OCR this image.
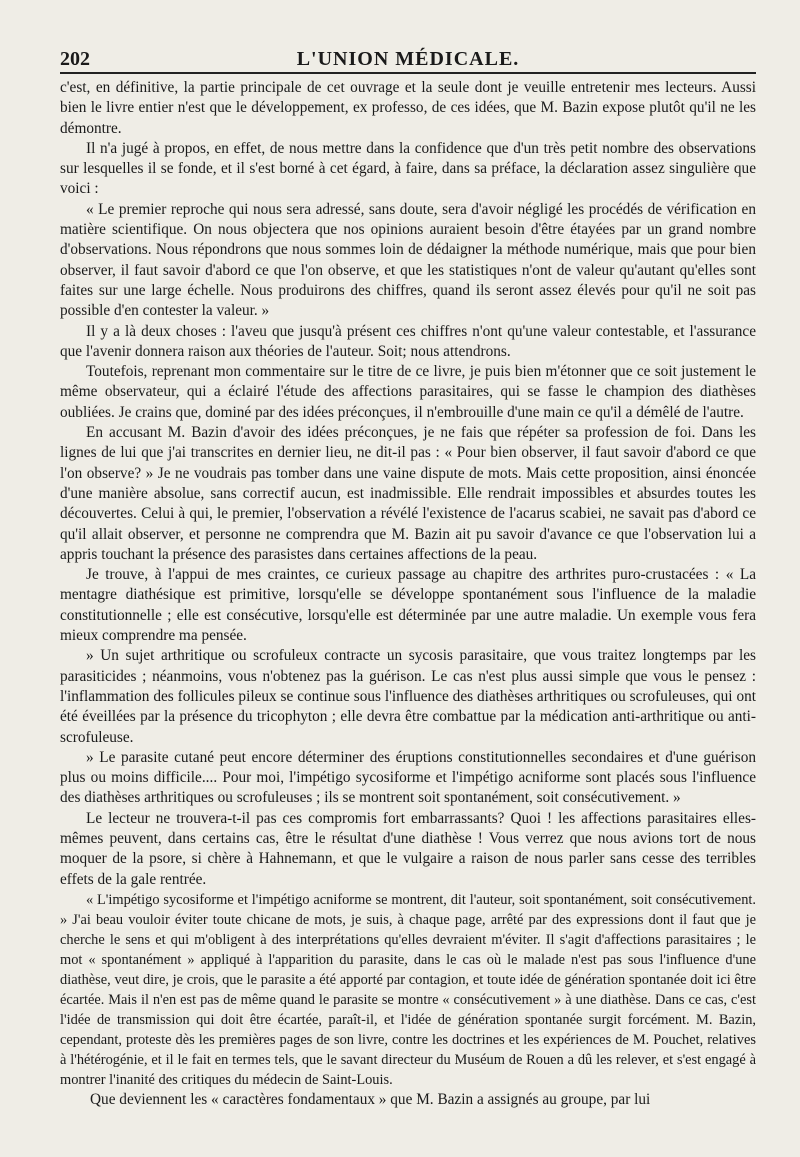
202	L'UNION MÉDICALE.

c'est, en définitive, la partie principale de cet ouvrage et la seule dont je veuille entretenir mes lecteurs. Aussi bien le livre entier n'est que le développement, ex professo, de ces idées, que M. Bazin expose plutôt qu'il ne les démontre.

Il n'a jugé à propos, en effet, de nous mettre dans la confidence que d'un très petit nombre des observations sur lesquelles il se fonde, et il s'est borné à cet égard, à faire, dans sa préface, la déclaration assez singulière que voici :

« Le premier reproche qui nous sera adressé, sans doute, sera d'avoir négligé les procédés de vérification en matière scientifique. On nous objectera que nos opinions auraient besoin d'être étayées par un grand nombre d'observations. Nous répondrons que nous sommes loin de dédaigner la méthode numérique, mais que pour bien observer, il faut savoir d'abord ce que l'on observe, et que les statistiques n'ont de valeur qu'autant qu'elles sont faites sur une large échelle. Nous produirons des chiffres, quand ils seront assez élevés pour qu'il ne soit pas possible d'en contester la valeur. »

Il y a là deux choses : l'aveu que jusqu'à présent ces chiffres n'ont qu'une valeur contestable, et l'assurance que l'avenir donnera raison aux théories de l'auteur. Soit; nous attendrons.

Toutefois, reprenant mon commentaire sur le titre de ce livre, je puis bien m'étonner que ce soit justement le même observateur, qui a éclairé l'étude des affections parasitaires, qui se fasse le champion des diathèses oubliées. Je crains que, dominé par des idées préconçues, il n'embrouille d'une main ce qu'il a démêlé de l'autre.

En accusant M. Bazin d'avoir des idées préconçues, je ne fais que répéter sa profession de foi. Dans les lignes de lui que j'ai transcrites en dernier lieu, ne dit-il pas : « Pour bien observer, il faut savoir d'abord ce que l'on observe? » Je ne voudrais pas tomber dans une vaine dispute de mots. Mais cette proposition, ainsi énoncée d'une manière absolue, sans correctif aucun, est inadmissible. Elle rendrait impossibles et absurdes toutes les découvertes. Celui à qui, le premier, l'observation a révélé l'existence de l'acarus scabiei, ne savait pas d'abord ce qu'il allait observer, et personne ne comprendra que M. Bazin ait pu savoir d'avance ce que l'observation lui a appris touchant la présence des parasistes dans certaines affections de la peau.

Je trouve, à l'appui de mes craintes, ce curieux passage au chapitre des arthrites puro-crustacées : « La mentagre diathésique est primitive, lorsqu'elle se développe spontanément sous l'influence de la maladie constitutionnelle ; elle est consécutive, lorsqu'elle est déterminée par une autre maladie. Un exemple vous fera mieux comprendre ma pensée.

» Un sujet arthritique ou scrofuleux contracte un sycosis parasitaire, que vous traitez longtemps par les parasiticides ; néanmoins, vous n'obtenez pas la guérison. Le cas n'est plus aussi simple que vous le pensez : l'inflammation des follicules pileux se continue sous l'influence des diathèses arthritiques ou scrofuleuses, qui ont été éveillées par la présence du tricophyton ; elle devra être combattue par la médication anti-arthritique ou anti-scrofuleuse.

» Le parasite cutané peut encore déterminer des éruptions constitutionnelles secondaires et d'une guérison plus ou moins difficile.... Pour moi, l'impétigo sycosiforme et l'impétigo acniforme sont placés sous l'influence des diathèses arthritiques ou scrofuleuses ; ils se montrent soit spontanément, soit consécutivement. »

Le lecteur ne trouvera-t-il pas ces compromis fort embarrassants? Quoi ! les affections parasitaires elles-mêmes peuvent, dans certains cas, être le résultat d'une diathèse ! Vous verrez que nous avions tort de nous moquer de la psore, si chère à Hahnemann, et que le vulgaire a raison de nous parler sans cesse des terribles effets de la gale rentrée.

« L'impétigo sycosiforme et l'impétigo acniforme se montrent, dit l'auteur, soit spontanément, soit consécutivement. » J'ai beau vouloir éviter toute chicane de mots, je suis, à chaque page, arrêté par des expressions dont il faut que je cherche le sens et qui m'obligent à des interprétations qu'elles devraient m'éviter. Il s'agit d'affections parasitaires ; le mot « spontanément » appliqué à l'apparition du parasite, dans le cas où le malade n'est pas sous l'influence d'une diathèse, veut dire, je crois, que le parasite a été apporté par contagion, et toute idée de génération spontanée doit ici être écartée. Mais il n'en est pas de même quand le parasite se montre « consécutivement » à une diathèse. Dans ce cas, c'est l'idée de transmission qui doit être écartée, paraît-il, et l'idée de génération spontanée surgit forcément. M. Bazin, cependant, proteste dès les premières pages de son livre, contre les doctrines et les expériences de M. Pouchet, relatives à l'hétérogénie, et il le fait en termes tels, que le savant directeur du Muséum de Rouen a dû les relever, et s'est engagé à montrer l'inanité des critiques du médecin de Saint-Louis.

Que deviennent les « caractères fondamentaux » que M. Bazin a assignés au groupe, par lui
